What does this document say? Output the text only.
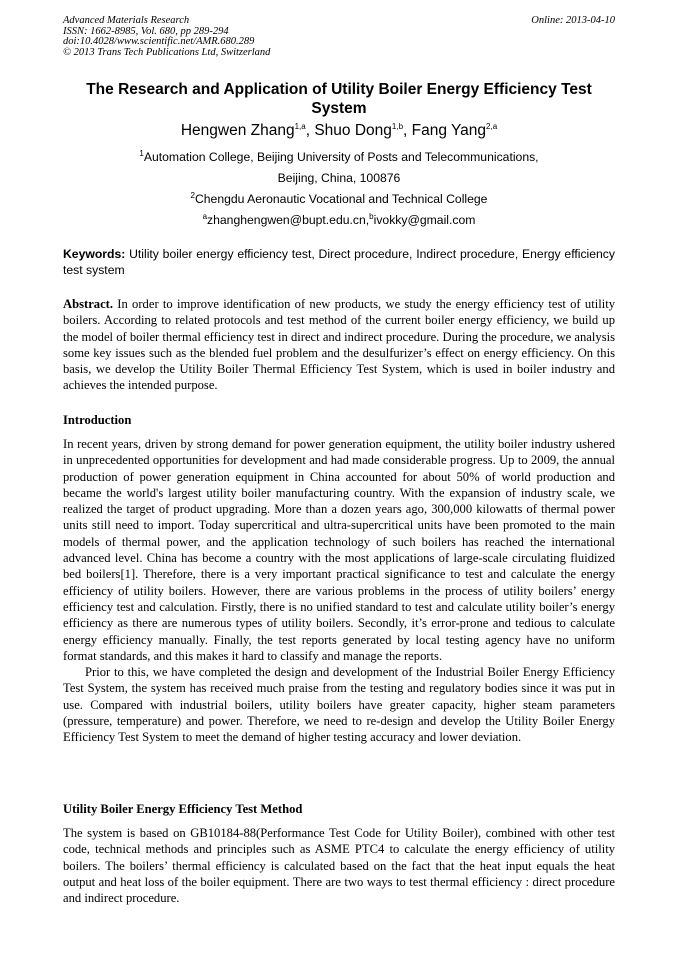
Advanced Materials Research
ISSN: 1662-8985, Vol. 680, pp 289-294
doi:10.4028/www.scientific.net/AMR.680.289
© 2013 Trans Tech Publications Ltd, Switzerland
Online: 2013-04-10
The Research and Application of Utility Boiler Energy Efficiency Test System
Hengwen Zhang$^{1,a}$, Shuo Dong$^{1,b}$, Fang Yang$^{2,a}$
$^1$Automation College, Beijing University of Posts and Telecommunications,
Beijing, China, 100876
$^2$Chengdu Aeronautic Vocational and Technical College
$^a$zhanghengwen@bupt.edu.cn,$^b$ivokky@gmail.com
Keywords: Utility boiler energy efficiency test, Direct procedure, Indirect procedure, Energy efficiency test system
Abstract. In order to improve identification of new products, we study the energy efficiency test of utility boilers. According to related protocols and test method of the current boiler energy efficiency, we build up the model of boiler thermal efficiency test in direct and indirect procedure. During the procedure, we analysis some key issues such as the blended fuel problem and the desulfurizer’s effect on energy efficiency. On this basis, we develop the Utility Boiler Thermal Efficiency Test System, which is used in boiler industry and achieves the intended purpose.
Introduction

In recent years, driven by strong demand for power generation equipment, the utility boiler industry ushered in unprecedented opportunities for development and had made considerable progress. Up to 2009, the annual production of power generation equipment in China accounted for about 50% of world production and became the world's largest utility boiler manufacturing country. With the expansion of industry scale, we realized the target of product upgrading. More than a dozen years ago, 300,000 kilowatts of thermal power units still need to import. Today supercritical and ultra-supercritical units have been promoted to the main models of thermal power, and the application technology of such boilers has reached the international advanced level. China has become a country with the most applications of large-scale circulating fluidized bed boilers[1]. Therefore, there is a very important practical significance to test and calculate the energy efficiency of utility boilers. However, there are various problems in the process of utility boilers’ energy efficiency test and calculation. Firstly, there is no unified standard to test and calculate utility boiler’s energy efficiency as there are numerous types of utility boilers. Secondly, it’s error-prone and tedious to calculate energy efficiency manually. Finally, the test reports generated by local testing agency have no uniform format standards, and this makes it hard to classify and manage the reports.

Prior to this, we have completed the design and development of the Industrial Boiler Energy Efficiency Test System, the system has received much praise from the testing and regulatory bodies since it was put in use. Compared with industrial boilers, utility boilers have greater capacity, higher steam parameters (pressure, temperature) and power. Therefore, we need to re-design and develop the Utility Boiler Energy Efficiency Test System to meet the demand of higher testing accuracy and lower deviation.

Utility Boiler Energy Efficiency Test Method

The system is based on GB10184-88(Performance Test Code for Utility Boiler), combined with other test code, technical methods and principles such as ASME PTC4 to calculate the energy efficiency of utility boilers. The boilers’ thermal efficiency is calculated based on the fact that the heat input equals the heat output and heat loss of the boiler equipment. There are two ways to test thermal efficiency : direct procedure and indirect procedure.
